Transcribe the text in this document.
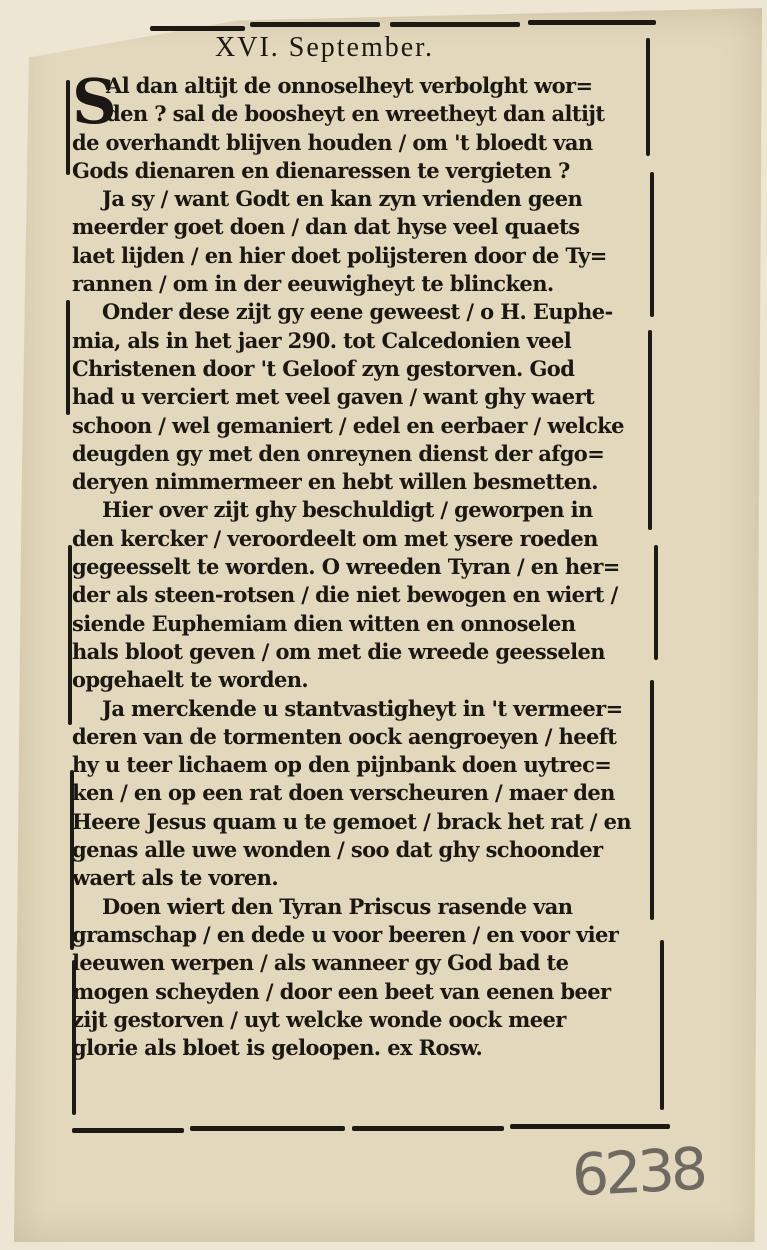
XVI. September.
S
Al dan altijt de onnoselheyt verbolght wor=
den ? sal de boosheyt en wreetheyt dan altijt
de overhandt blijven houden / om 't bloedt van
Gods dienaren en dienaressen te vergieten ?
Ja sy / want Godt en kan zyn vrienden geen
meerder goet doen / dan dat hyse veel quaets
laet lijden / en hier doet polijsteren door de Ty=
rannen / om in der eeuwigheyt te blincken.
Onder dese zijt gy eene geweest / o H. Euphe-
mia, als in het jaer 290. tot Calcedonien veel
Christenen door 't Geloof zyn gestorven. God
had u verciert met veel gaven / want ghy waert
schoon / wel gemaniert / edel en eerbaer / welcke
deugden gy met den onreynen dienst der afgo=
deryen nimmermeer en hebt willen besmetten.
Hier over zijt ghy beschuldigt / geworpen in
den kercker / veroordeelt om met ysere roeden
gegeesselt te worden. O wreeden Tyran / en her=
der als steen-rotsen / die niet bewogen en wiert /
siende Euphemiam dien witten en onnoselen
hals bloot geven / om met die wreede geesselen
opgehaelt te worden.
Ja merckende u stantvastigheyt in 't vermeer=
deren van de tormenten oock aengroeyen / heeft
hy u teer lichaem op den pijnbank doen uytrec=
ken / en op een rat doen verscheuren / maer den
Heere Jesus quam u te gemoet / brack het rat / en
genas alle uwe wonden / soo dat ghy schoonder
waert als te voren.
Doen wiert den Tyran Priscus rasende van
gramschap / en dede u voor beeren / en voor vier
leeuwen werpen / als wanneer gy God bad te
mogen scheyden / door een beet van eenen beer
zijt gestorven / uyt welcke wonde oock meer
glorie als bloet is geloopen. ex Rosw.
6238
